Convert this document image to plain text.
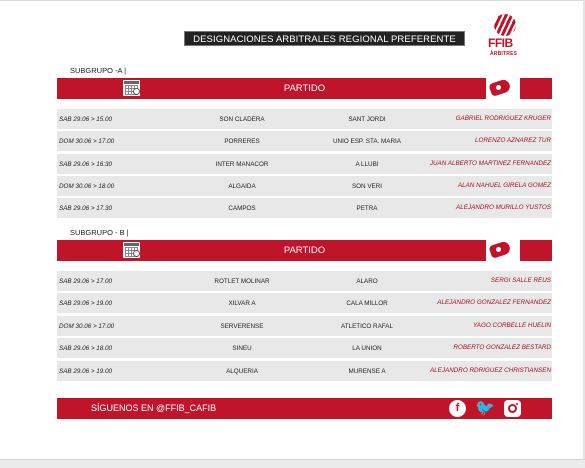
DESIGNACIONES ARBITRALES REGIONAL PREFERENTE	FFIB
ÀRBITRES
SUBGRUPO -A |
PARTIDO
SAB 29.06 > 15.00	SON CLADERA	SANT JORDI	GABRIEL RODRIGUEZ KRUGER
DOM 30.06 > 17.00	PORRERES	UNIO ESP. STA. MARIA	LORENZO AZNAREZ TUR
SAB 29.06 > 16:30	INTER MANACOR	A LLUBI	JUAN ALBERTO MARTINEZ FERNANDEZ
DOM 30.06 > 18.00	ALGAIDA	SON VERI	ALAN NAHUEL GIRELA GOMEZ
SAB 29.06 > 17.30	CAMPOS	PETRA	ALEJANDRO MURILLO YUSTOS
SUBGRUPO - B |
PARTIDO
SAB 29.06 > 17.00	ROTLET MOLINAR	ALARO	SERGI SALLE REUS
SAB 29.06 > 19.00	XILVAR A	CALA MILLOR	ALEJANDRO GONZALEZ FERNANDEZ
DOM 30.06 > 17.00	SERVERENSE	ATLETICO RAFAL	YAGO CORBELLE HUELIN
SAB 29.06 > 18.00	SINEU	LA UNION	ROBERTO GONZALEZ BESTARD
SAB 29.06 > 19.00	ALQUERIA	MURENSE A	ALEJANDRO RDRIGUEZ CHRISTIANSEN
SÍGUENOS EN @FFIB_CAFIB	f 🐦
